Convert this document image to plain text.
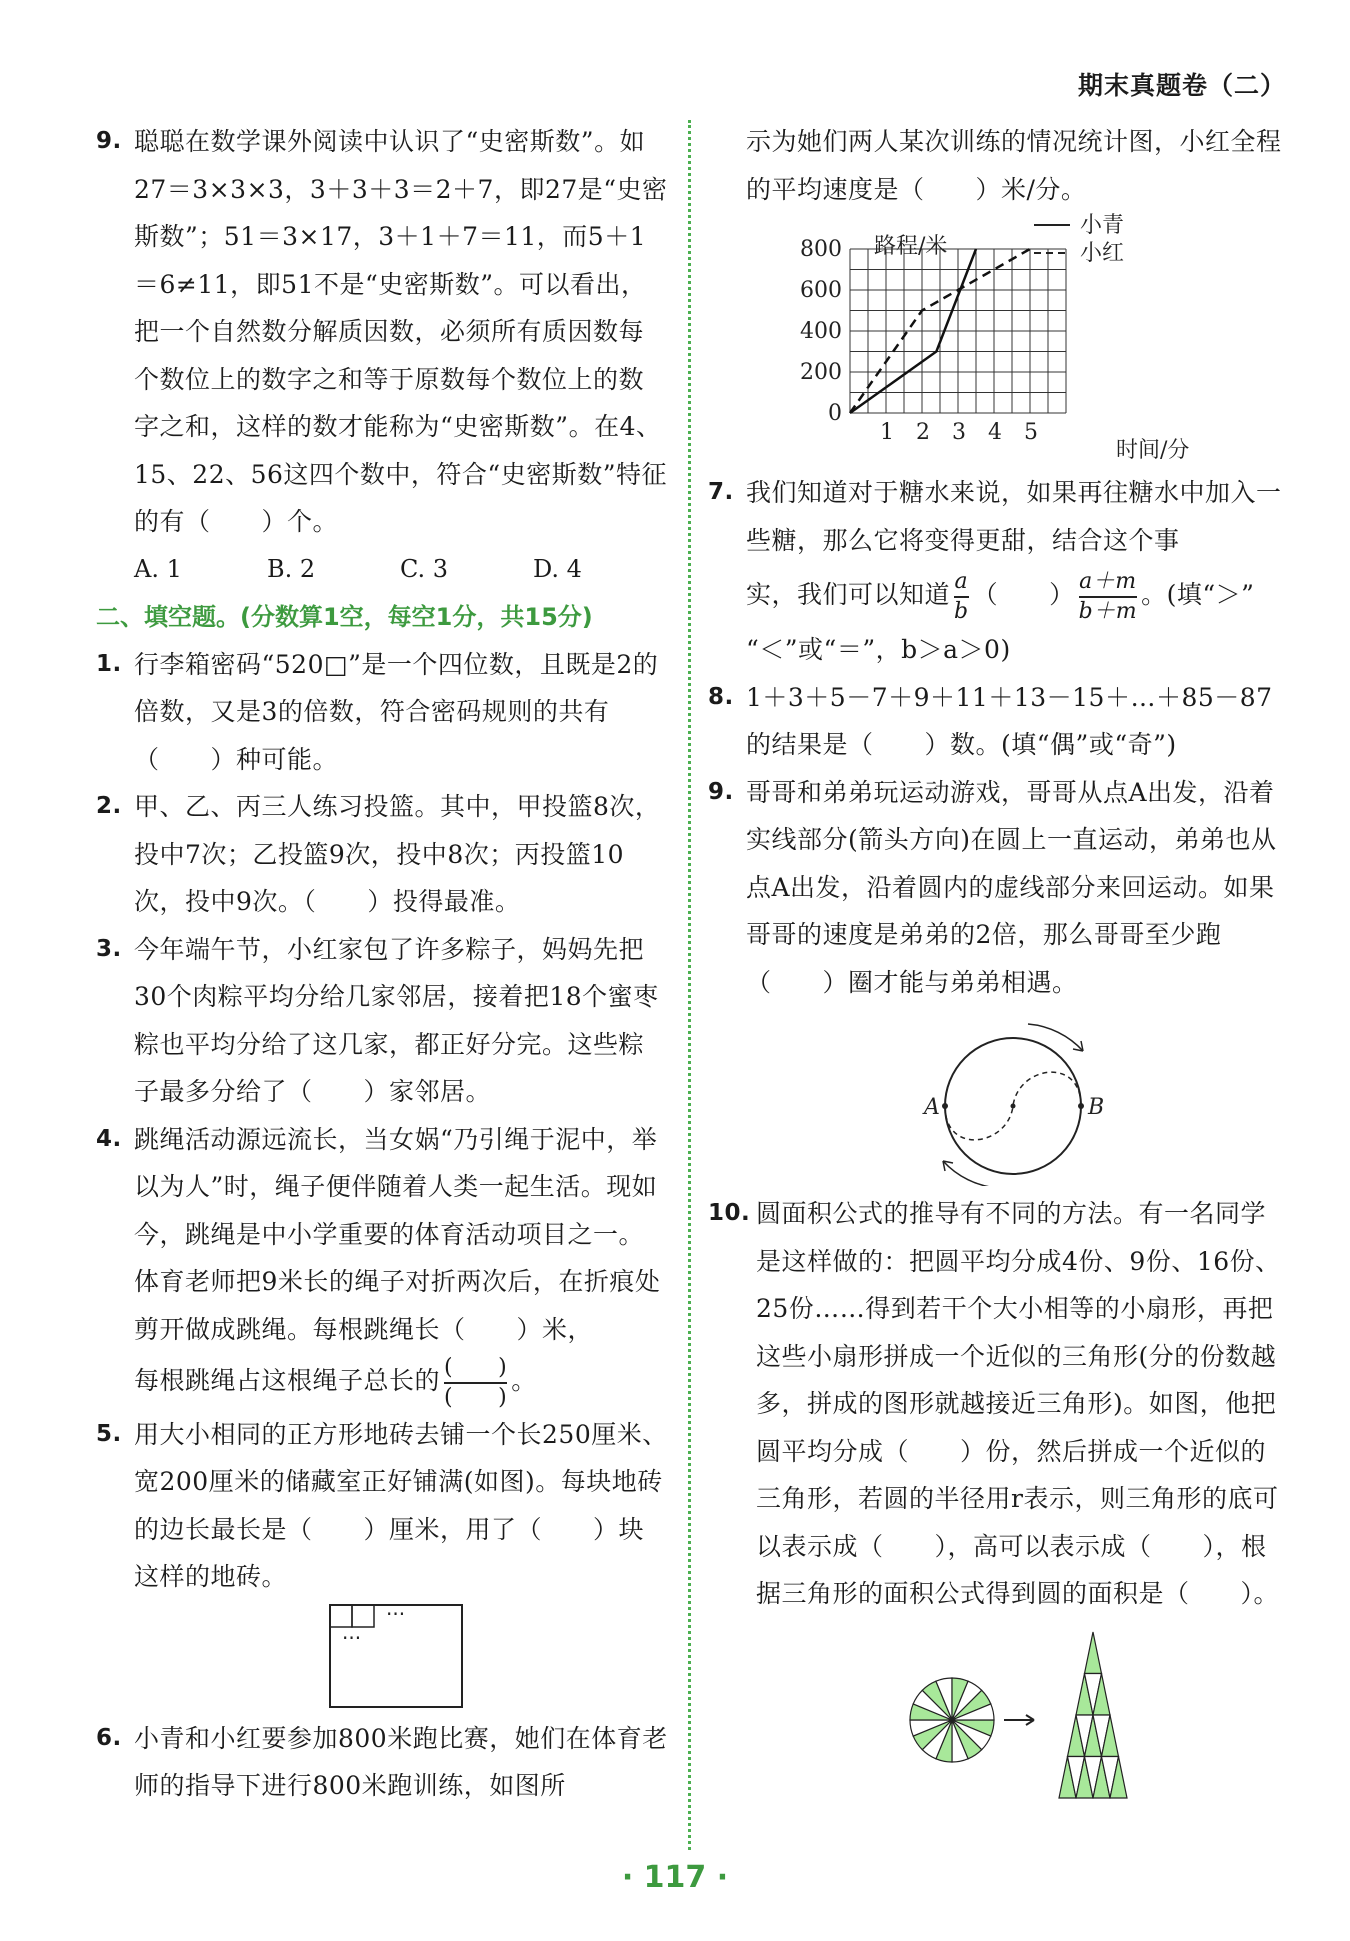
期末真题卷（二）
9. 聪聪在数学课外阅读中认识了“史密斯数”。如27＝3×3×3，3＋3＋3＝2＋7，即27是“史密斯数”；51＝3×17，3＋1＋7＝11，而5＋1＝6≠11，即51不是“史密斯数”。可以看出，把一个自然数分解质因数，必须所有质因数每个数位上的数字之和等于原数每个数位上的数字之和，这样的数才能称为“史密斯数”。在4、15、22、56这四个数中，符合“史密斯数”特征的有（　　）个。
A. 1	B. 2	C. 3	D. 4
二、填空题。(分数算1空，每空1分，共15分)
1. 行李箱密码“520□”是一个四位数，且既是2的倍数，又是3的倍数，符合密码规则的共有（　　）种可能。
2. 甲、乙、丙三人练习投篮。其中，甲投篮8次，投中7次；乙投篮9次，投中8次；丙投篮10次，投中9次。（　　）投得最准。
3. 今年端午节，小红家包了许多粽子，妈妈先把30个肉粽平均分给几家邻居，接着把18个蜜枣粽也平均分给了这几家，都正好分完。这些粽子最多分给了（　　）家邻居。
4. 跳绳活动源远流长，当女娲“乃引绳于泥中，举以为人”时，绳子便伴随着人类一起生活。现如今，跳绳是中小学重要的体育活动项目之一。体育老师把9米长的绳子对折两次后，在折痕处剪开做成跳绳。每根跳绳长（　　）米，
每根跳绳占这根绳子总长的 $\frac{( )}{( )}$ 。
5. 用大小相同的正方形地砖去铺一个长250厘米、宽200厘米的储藏室正好铺满(如图)。每块地砖的边长最长是（　　）厘米，用了（　　）块这样的地砖。
···
···
6. 小青和小红要参加800米跑比赛，她们在体育老师的指导下进行800米跑训练，如图所
示为她们两人某次训练的情况统计图，小红全程的平均速度是（　　）米/分。
1 2 3 4 5
0
200
400
600
800 路程/米
时间/分
小青
小红
7. 我们知道对于糖水来说，如果再往糖水中加入一些糖，那么它将变得更甜，结合这个事
实，我们可以知道 $\frac{a}{b}$ （　　） $\frac{a+m}{b+m}$ 。(填“＞”
“＜”或“＝”，b＞a＞0)
8. 1＋3＋5－7＋9＋11＋13－15＋…＋85－87的结果是（　　）数。(填“偶”或“奇”)
9. 哥哥和弟弟玩运动游戏，哥哥从点A出发，沿着实线部分(箭头方向)在圆上一直运动，弟弟也从点A出发，沿着圆内的虚线部分来回运动。如果哥哥的速度是弟弟的2倍，那么哥哥至少跑（　　）圈才能与弟弟相遇。
A	B
10. 圆面积公式的推导有不同的方法。有一名同学是这样做的：把圆平均分成4份、9份、16份、25份……得到若干个大小相等的小扇形，再把这些小扇形拼成一个近似的三角形(分的份数越多，拼成的图形就越接近三角形)。如图，他把圆平均分成（　　）份，然后拼成一个近似的三角形，若圆的半径用r表示，则三角形的底可以表示成（　　），高可以表示成（　　），根据三角形的面积公式得到圆的面积是（　　）。
· 117 ·
